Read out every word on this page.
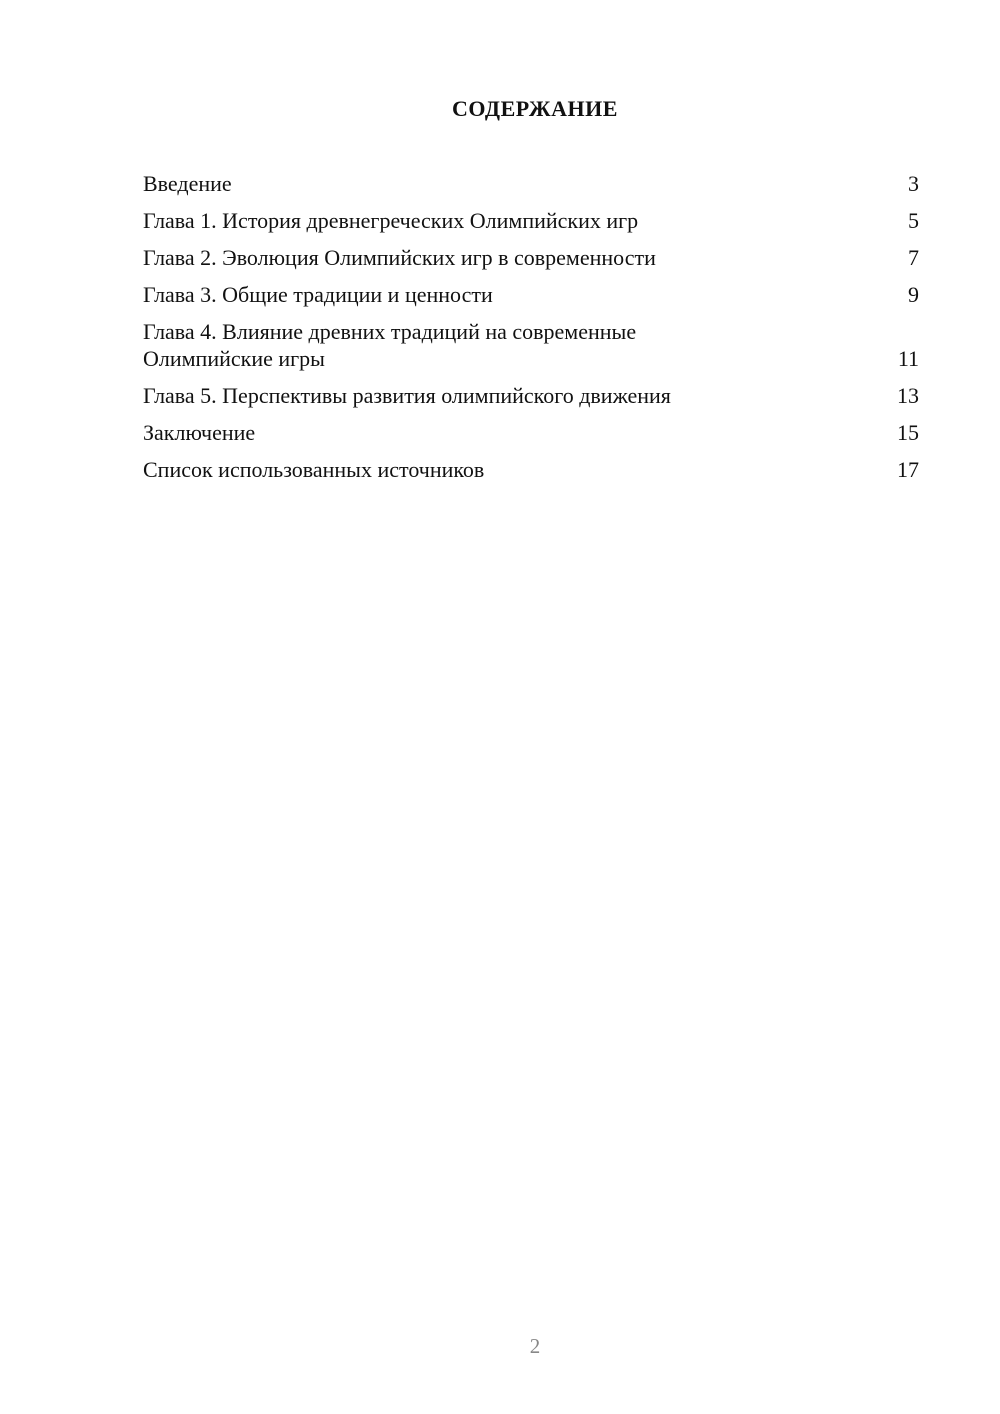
СОДЕРЖАНИЕ
Введение	3
Глава 1. История древнегреческих Олимпийских игр	5
Глава 2. Эволюция Олимпийских игр в современности	7
Глава 3. Общие традиции и ценности	9
Глава 4. Влияние древних традиций на современные
Олимпийские игры	11
Глава 5. Перспективы развития олимпийского движения	13
Заключение	15
Список использованных источников	17
2
